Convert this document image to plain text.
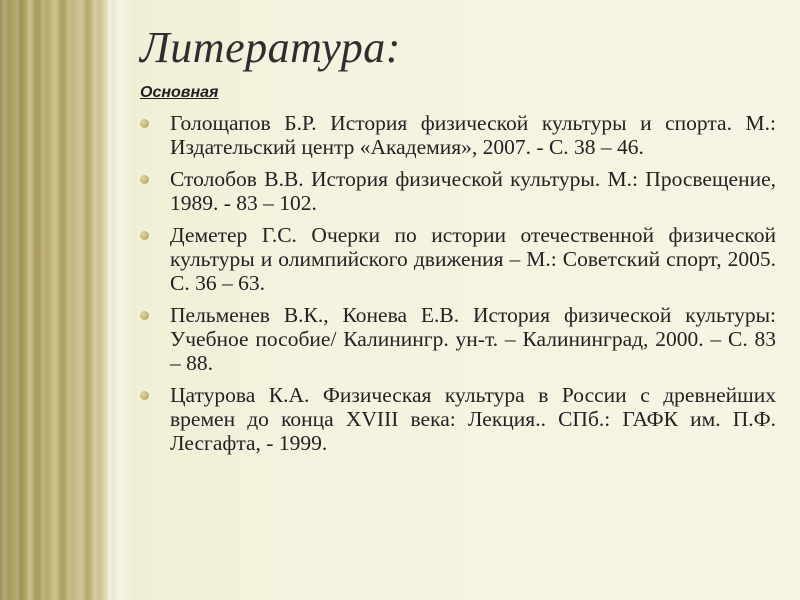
Литература:
Основная
Голощапов Б.Р. История физической культуры и спорта. М.: Издательский центр «Академия», 2007. - С. 38 – 46.
Столобов В.В. История физической культуры. М.: Просвещение, 1989. - 83 – 102.
Деметер Г.С. Очерки по истории отечественной физической культуры и олимпийского движения – М.: Советский спорт, 2005. С. 36 – 63.
Пельменев В.К., Конева Е.В. История физической культуры: Учебное пособие/ Калинингр. ун-т. – Калининград, 2000. – С. 83 – 88.
Цатурова К.А. Физическая культура в России с древнейших времен до конца XVIII века: Лекция.. СПб.: ГАФК им. П.Ф. Лесгафта, - 1999.
